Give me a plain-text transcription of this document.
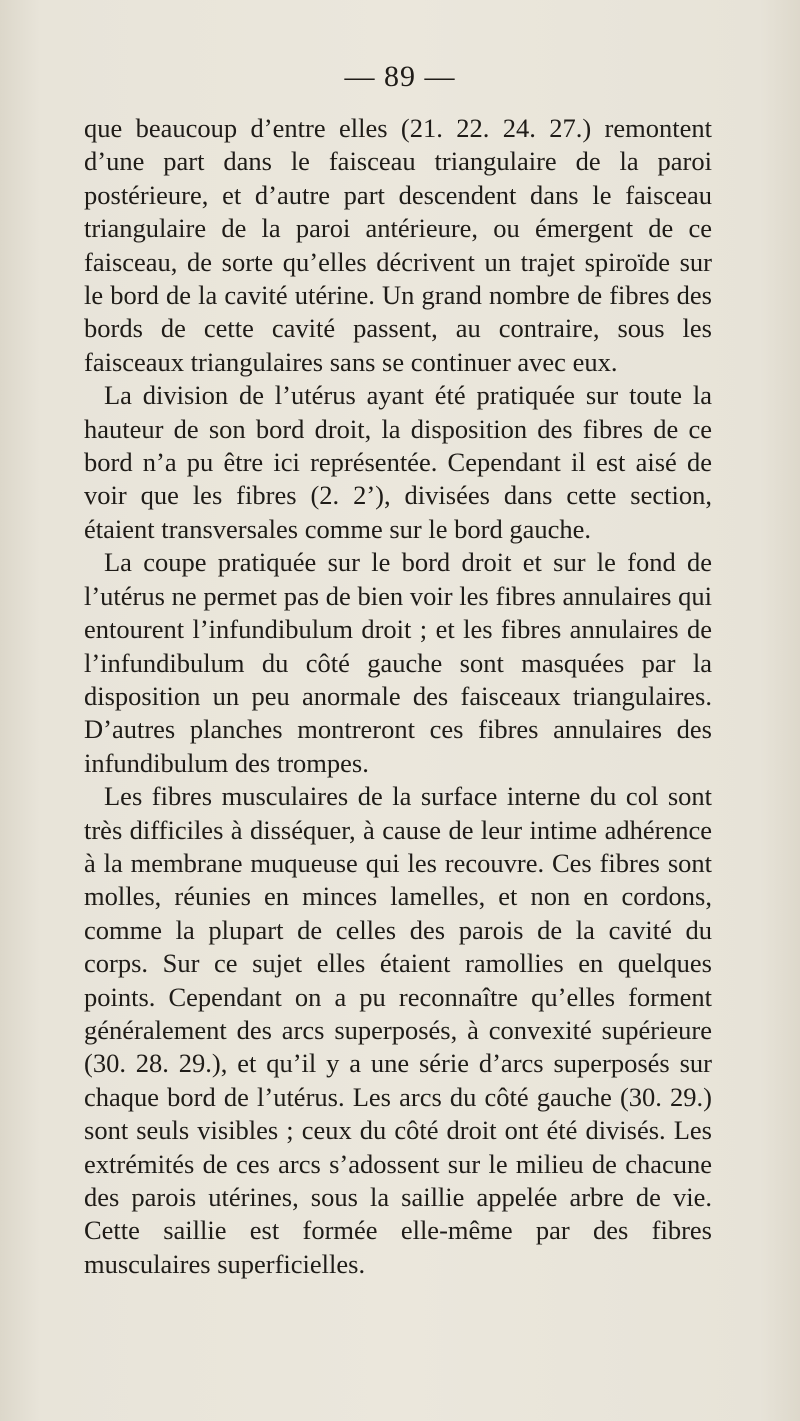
— 89 —

que beaucoup d’entre elles (21. 22. 24. 27.) remontent d’une part dans le faisceau triangulaire de la paroi postérieure, et d’autre part descendent dans le faisceau triangulaire de la paroi antérieure, ou émergent de ce faisceau, de sorte qu’elles décrivent un trajet spiroïde sur le bord de la cavité utérine. Un grand nombre de fibres des bords de cette cavité passent, au contraire, sous les faisceaux triangulaires sans se continuer avec eux.

La division de l’utérus ayant été pratiquée sur toute la hauteur de son bord droit, la disposition des fibres de ce bord n’a pu être ici représentée. Cependant il est aisé de voir que les fibres (2. 2’), divisées dans cette section, étaient transversales comme sur le bord gauche.

La coupe pratiquée sur le bord droit et sur le fond de l’utérus ne permet pas de bien voir les fibres annulaires qui entourent l’infundibulum droit ; et les fibres annulaires de l’infundibulum du côté gauche sont masquées par la disposition un peu anormale des faisceaux triangulaires. D’autres planches montreront ces fibres annulaires des infundibulum des trompes.

Les fibres musculaires de la surface interne du col sont très difficiles à disséquer, à cause de leur intime adhérence à la membrane muqueuse qui les recouvre. Ces fibres sont molles, réunies en minces lamelles, et non en cordons, comme la plupart de celles des parois de la cavité du corps. Sur ce sujet elles étaient ramollies en quelques points. Cependant on a pu reconnaître qu’elles forment généralement des arcs superposés, à convexité supérieure (30. 28. 29.), et qu’il y a une série d’arcs superposés sur chaque bord de l’utérus. Les arcs du côté gauche (30. 29.) sont seuls visibles ; ceux du côté droit ont été divisés. Les extrémités de ces arcs s’adossent sur le milieu de chacune des parois utérines, sous la saillie appelée arbre de vie. Cette saillie est formée elle-même par des fibres musculaires superficielles.
